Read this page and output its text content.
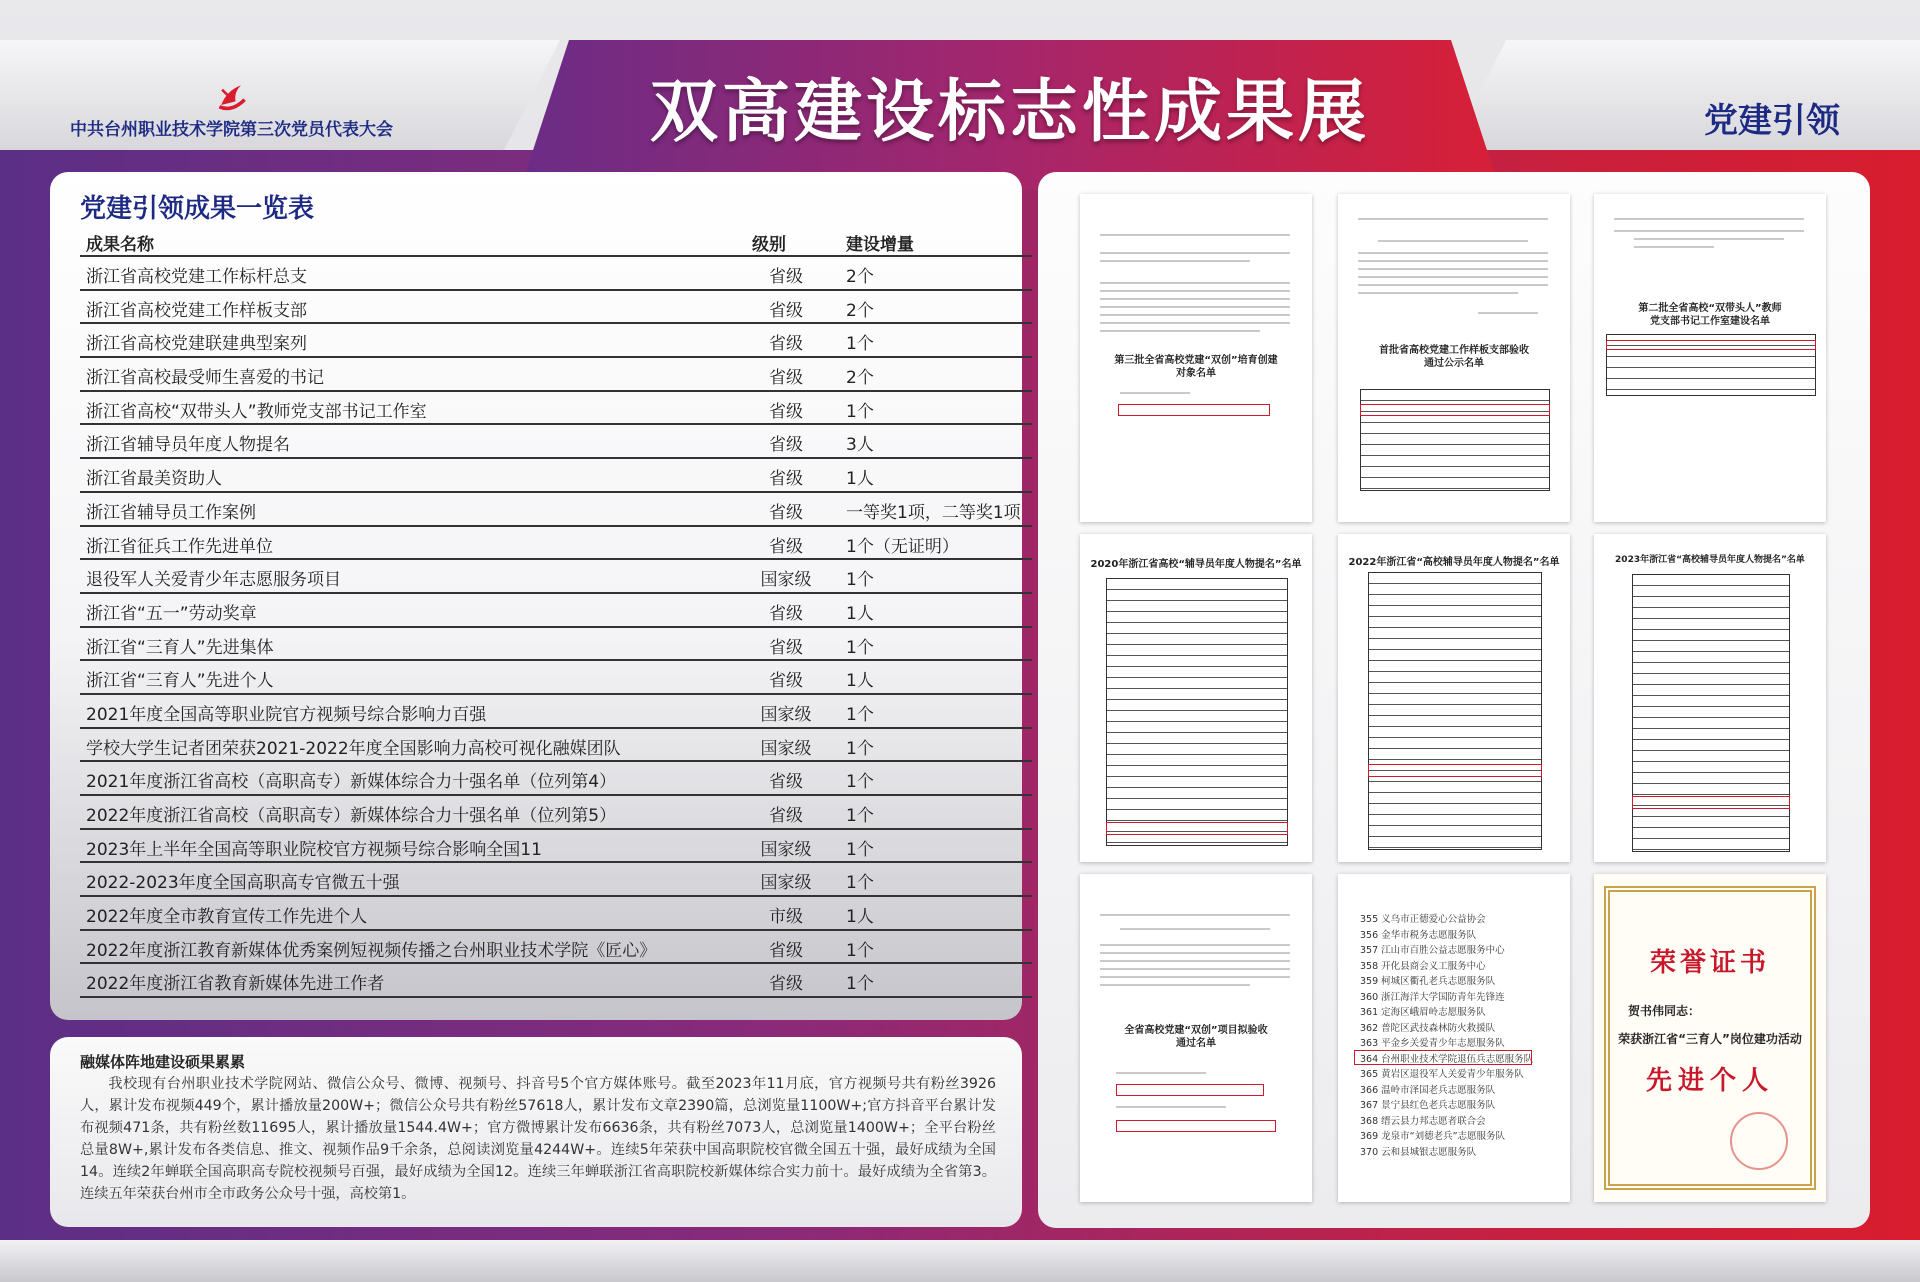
中共台州职业技术学院第三次党员代表大会	双高建设标志性成果展	党建引领
党建引领成果一览表
成果名称	级别	建设增量
浙江省高校党建工作标杆总支	省级	2个
浙江省高校党建工作样板支部	省级	2个
浙江省高校党建联建典型案列	省级	1个
浙江省高校最受师生喜爱的书记	省级	2个
浙江省高校“双带头人”教师党支部书记工作室	省级	1个
浙江省辅导员年度人物提名	省级	3人
浙江省最美资助人	省级	1人
浙江省辅导员工作案例	省级	一等奖1项，二等奖1项
浙江省征兵工作先进单位	省级	1个（无证明）
退役军人关爱青少年志愿服务项目	国家级	1个
浙江省“五一”劳动奖章	省级	1人
浙江省“三育人”先进集体	省级	1个
浙江省“三育人”先进个人	省级	1人
2021年度全国高等职业院官方视频号综合影响力百强	国家级	1个
学校大学生记者团荣获2021-2022年度全国影响力高校可视化融媒团队	国家级	1个
2021年度浙江省高校（高职高专）新媒体综合力十强名单（位列第4）	省级	1个
2022年度浙江省高校（高职高专）新媒体综合力十强名单（位列第5）	省级	1个
2023年上半年全国高等职业院校官方视频号综合影响全国11	国家级	1个
2022-2023年度全国高职高专官微五十强	国家级	1个
2022年度全市教育宣传工作先进个人	市级	1人
2022年度浙江教育新媒体优秀案例短视频传播之台州职业技术学院《匠心》	省级	1个
2022年度浙江省教育新媒体先进工作者	省级	1个
融媒体阵地建设硕果累累
我校现有台州职业技术学院网站、微信公众号、微博、视频号、抖音号5个官方媒体账号。截至2023年11月底，官方视频号共有粉丝3926人，累计发布视频449个，累计播放量200W+；微信公众号共有粉丝57618人，累计发布文章2390篇，总浏览量1100W+;官方抖音平台累计发布视频471条，共有粉丝数11695人，累计播放量1544.4W+；官方微博累计发布6636条，共有粉丝7073人，总浏览量1400W+；全平台粉丝总量8W+,累计发布各类信息、推文、视频作品9千余条，总阅读浏览量4244W+。连续5年荣获中国高职院校官微全国五十强，最好成绩为全国14。连续2年蝉联全国高职高专院校视频号百强，最好成绩为全国12。连续三年蝉联浙江省高职院校新媒体综合实力前十。最好成绩为全省第3。连续五年荣获台州市全市政务公众号十强，高校第1。
第三批全省高校党建“双创”培育创建对象名单
首批省高校党建工作样板支部验收通过公示名单
第二批全省高校“双带头人”教师党支部书记工作室建设名单
2020年浙江省高校“辅导员年度人物提名”名单	2022年浙江省“高校辅导员年度人物提名”名单	2023年浙江省“高校辅导员年度人物提名”名单
全省高校党建“双创”项目拟验收通过名单
355 义乌市正德爱心公益协会
356 金华市税务志愿服务队
357 江山市百胜公益志愿服务中心
358 开化县商会义工服务中心
359 柯城区衢孔老兵志愿服务队
360 浙江海洋大学国防青年先锋连
361 定海区峨眉岭志愿服务队
362 普陀区武技森林防火救援队
363 平金乡关爱青少年志愿服务队
364 台州职业技术学院退伍兵志愿服务队
365 黄岩区退役军人关爱青少年服务队
366 温岭市泽国老兵志愿服务队
367 景宁县红色老兵志愿服务队
368 缙云县力邦志愿者联合会
369 龙泉市“刘德老兵”志愿服务队
370 云和县城银志愿服务队
荣誉证书
贺书伟同志：
荣获浙江省“三育人”岗位建功活动
先进个人
